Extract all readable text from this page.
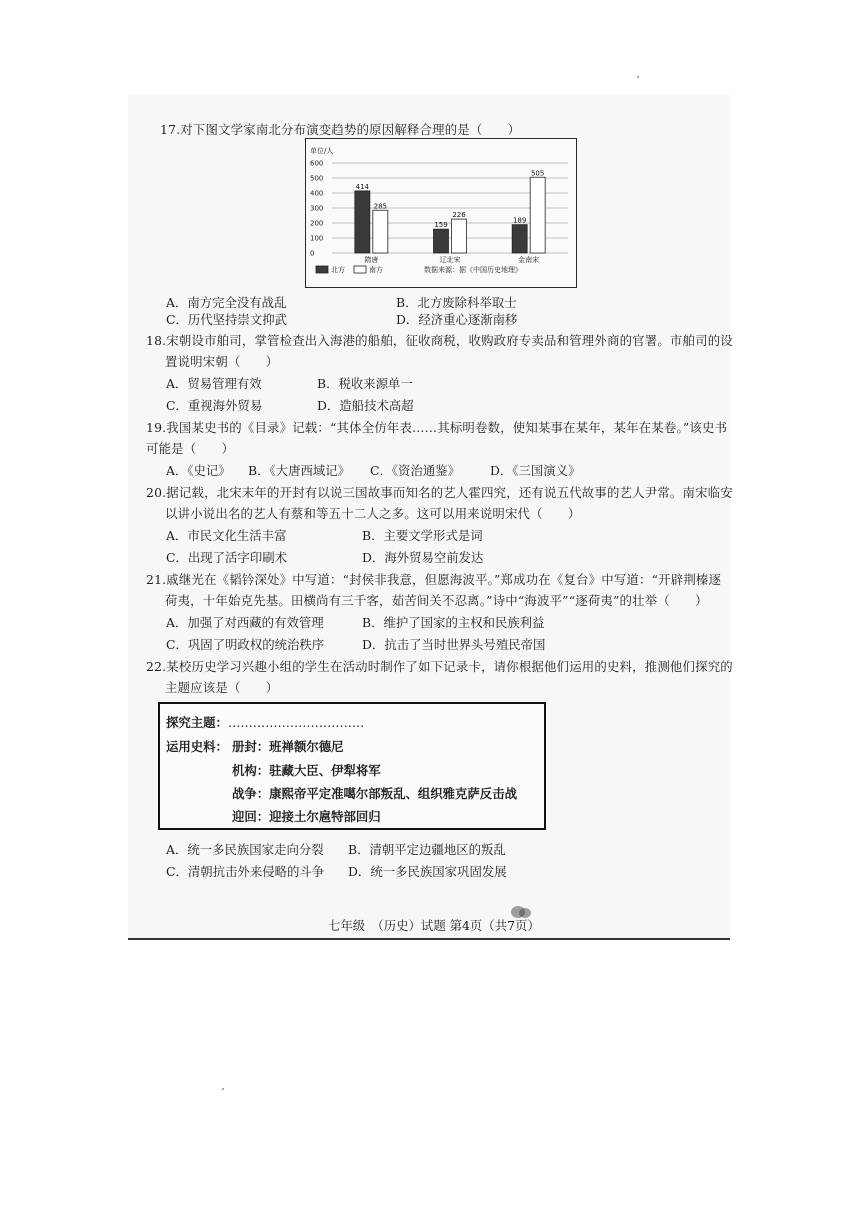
17.对下图文学家南北分布演变趋势的原因解释合理的是（　　）
单位/人
0
100
200
300
400
500
600
414
285
隋唐
159
226
辽北宋
189
505
金南宋
北方	南方	数据来源：据《中国历史地理》
A．南方完全没有战乱	B．北方废除科举取士
C．历代坚持崇文抑武	D．经济重心逐渐南移
18.宋朝设市舶司，掌管检查出入海港的船舶，征收商税，收购政府专卖品和管理外商的官署。市舶司的设
置说明宋朝（　　）
A．贸易管理有效	B．税收来源单一
C．重视海外贸易	D．造船技术高超
19.我国某史书的《目录》记载：“其体全仿年表……其标明卷数，使知某事在某年，某年在某卷。”该史书
可能是（　　）
A．《史记》 B．《大唐西域记》 C．《资治通鉴》 D．《三国演义》
20.据记载，北宋末年的开封有以说三国故事而知名的艺人霍四究，还有说五代故事的艺人尹常。南宋临安
以讲小说出名的艺人有蔡和等五十二人之多。这可以用来说明宋代（　　）
A．市民文化生活丰富	B．主要文学形式是词
C．出现了活字印刷术	D．海外贸易空前发达
21.戚继光在《韬钤深处》中写道：“封侯非我意，但愿海波平。”郑成功在《复台》中写道：“开辟荆榛逐
荷夷，十年始克先基。田横尚有三千客，茹苦间关不忍离。”诗中“海波平”“逐荷夷”的壮举（　　）
A．加强了对西藏的有效管理	B．维护了国家的主权和民族利益
C．巩固了明政权的统治秩序	D．抗击了当时世界头号殖民帝国
22.某校历史学习兴趣小组的学生在活动时制作了如下记录卡，请你根据他们运用的史料，推测他们探究的
主题应该是（　　）
探究主题：……………………………
运用史料： 册封：班禅额尔德尼
机构：驻藏大臣、伊犁将军
战争：康熙帝平定准噶尔部叛乱、组织雅克萨反击战
迎回：迎接土尔扈特部回归
A．统一多民族国家走向分裂 B．清朝平定边疆地区的叛乱
C．清朝抗击外来侵略的斗争 D．统一多民族国家巩固发展
七年级　（历史）试题 第4页（共7页）
